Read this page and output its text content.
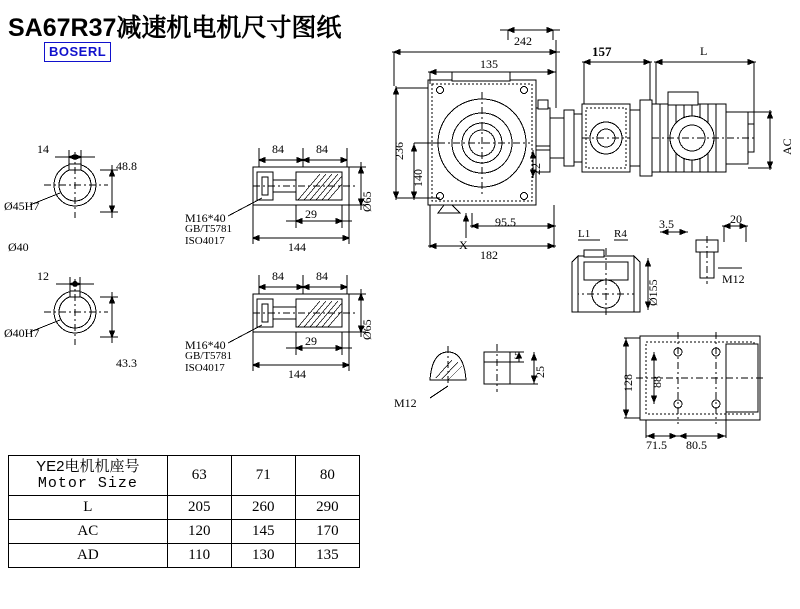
SA67R37减速机电机尺寸图纸
BOSERL
14
Ø45H7
48.8
Ø40
12
Ø40H7
43.3
84	84
M16*40
GB/T5781
ISO4017
29
144
Ø65
84	84
M16*40
GB/T5781
ISO4017
29
144
Ø65
242
135
157	L
236
140	22
AC
95.5
182
X
L1 R4
3.5	20
Ø155
M12
5
25
M12
128 88
71.5 80.5
YE2电机机座号
Motor Size	63	71	80
L	205	260	290
AC	120	145	170
AD	110	130	135
